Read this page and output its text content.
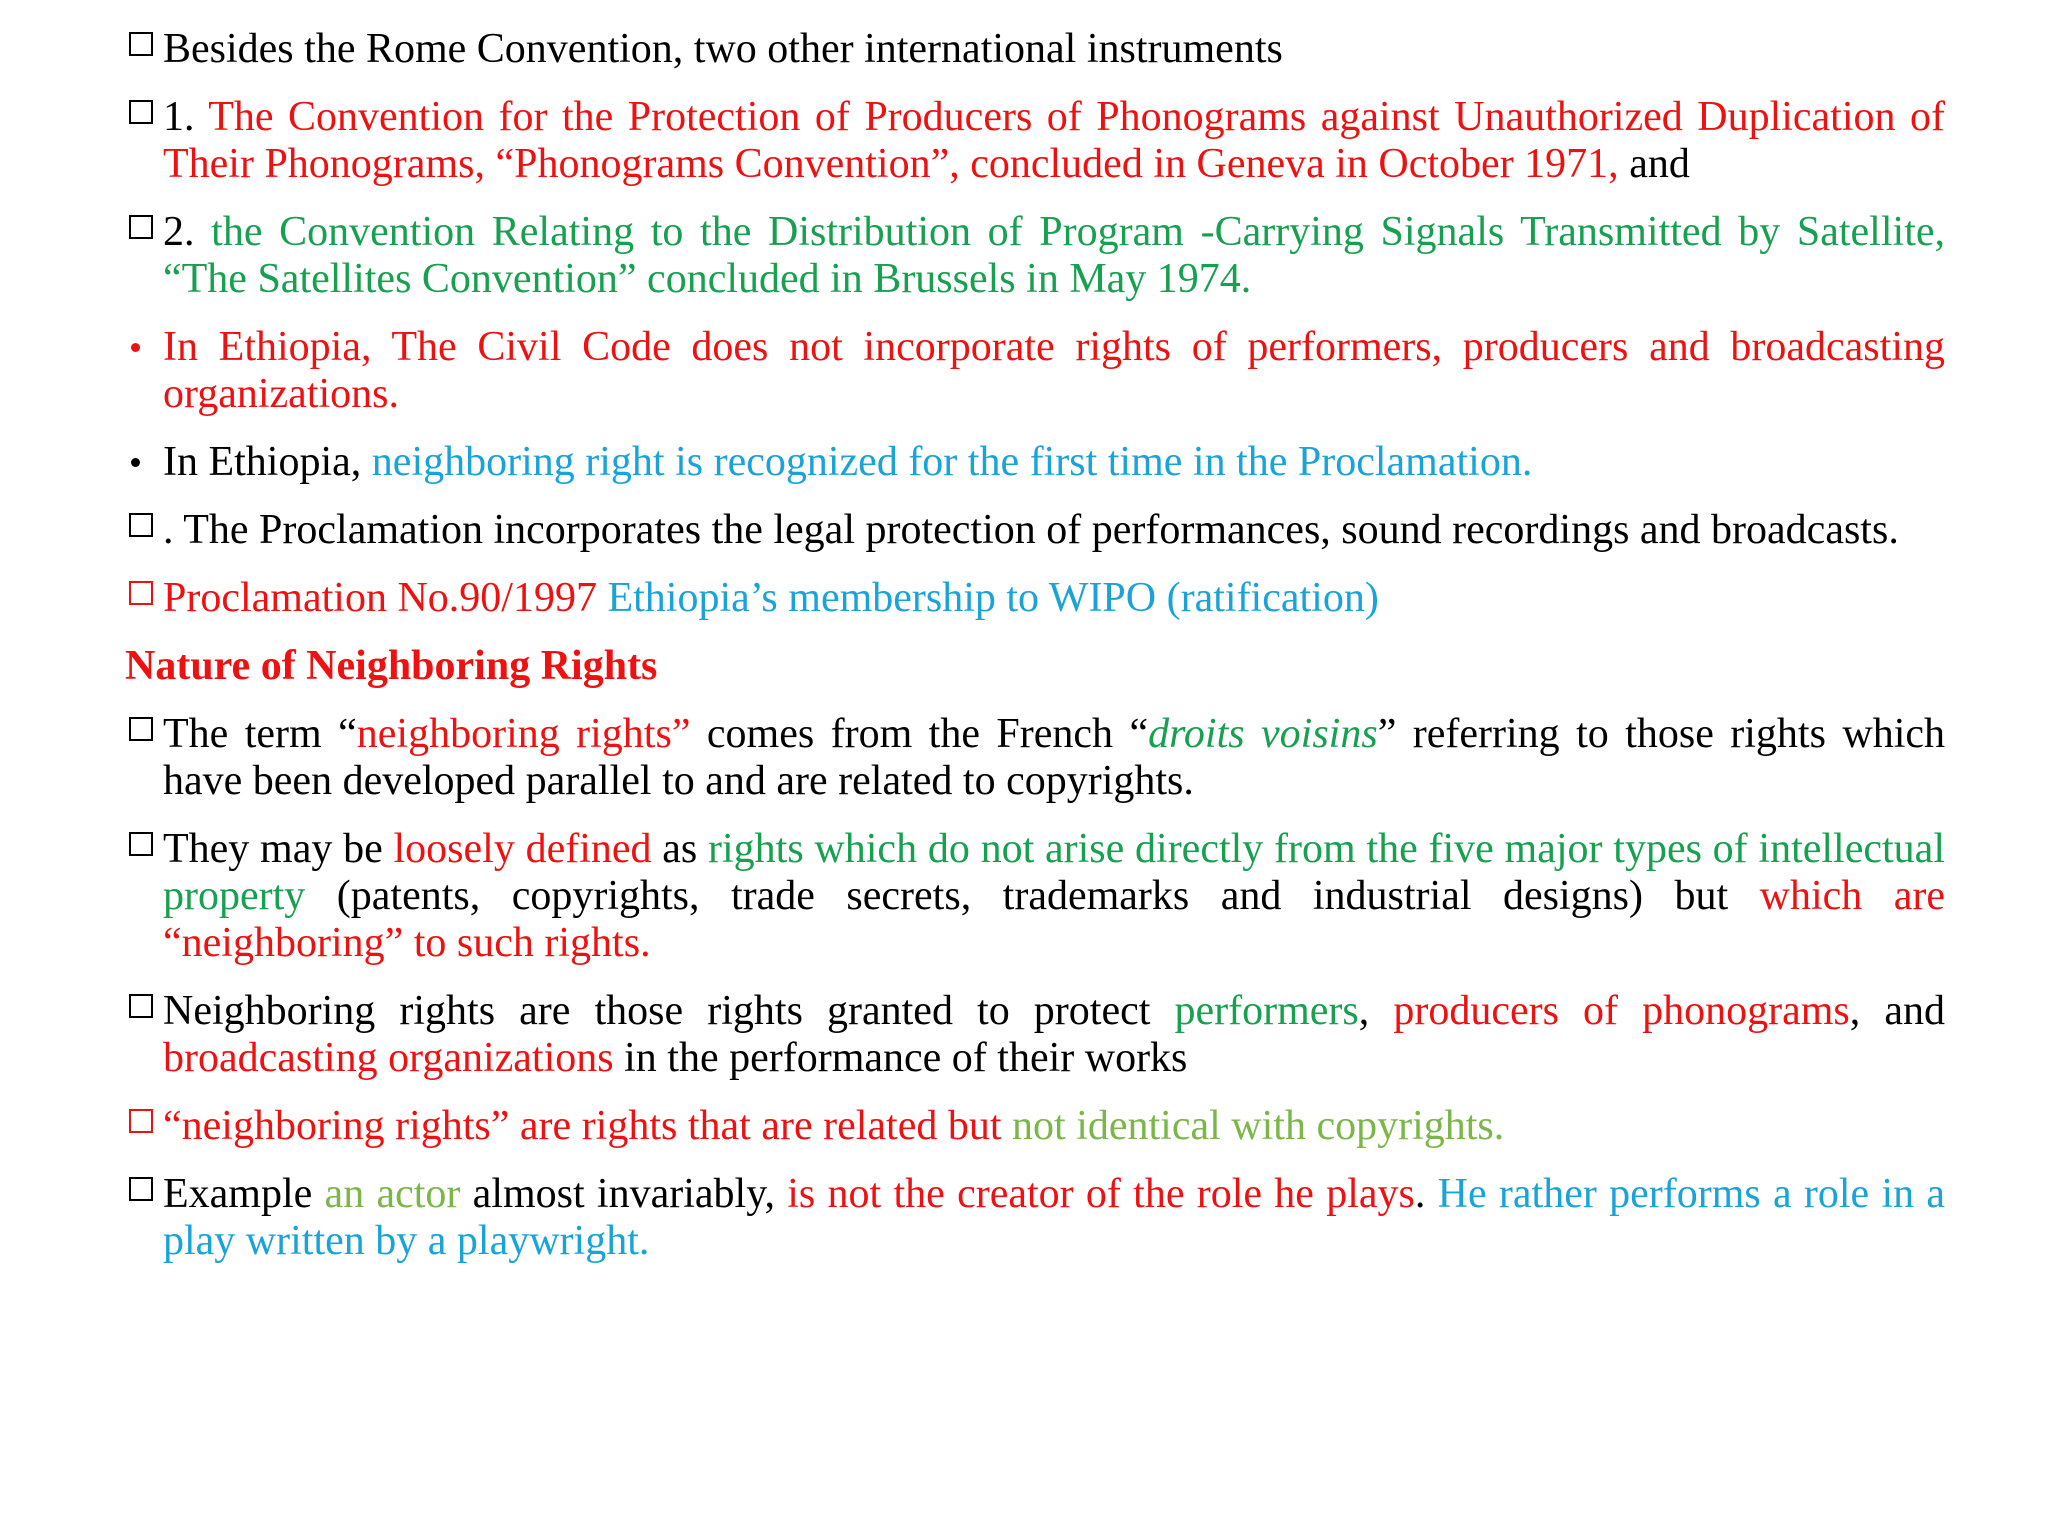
Besides the Rome Convention, two other international instruments
1. The Convention for the Protection of Producers of Phonograms against Unauthorized Duplication of Their Phonograms, “Phonograms Convention”, concluded in Geneva in October 1971, and
2. the Convention Relating to the Distribution of Program -Carrying Signals Transmitted by Satellite, “The Satellites Convention” concluded in Brussels in May 1974.
In Ethiopia, The Civil Code does not incorporate rights of performers, producers and broadcasting organizations.
In Ethiopia, neighboring right is recognized for the first time in the Proclamation.
. The Proclamation incorporates the legal protection of performances, sound recordings and broadcasts.
Proclamation No.90/1997 Ethiopia’s membership to WIPO (ratification)
Nature of Neighboring Rights
The term “neighboring rights” comes from the French “droits voisins” referring to those rights which have been developed parallel to and are related to copyrights.
They may be loosely defined as rights which do not arise directly from the five major types of intellectual property (patents, copyrights, trade secrets, trademarks and industrial designs) but which are “neighboring” to such rights.
Neighboring rights are those rights granted to protect performers, producers of phonograms, and broadcasting organizations in the performance of their works
“neighboring rights” are rights that are related but not identical with copyrights.
Example an actor almost invariably, is not the creator of the role he plays. He rather performs a role in a play written by a playwright.
